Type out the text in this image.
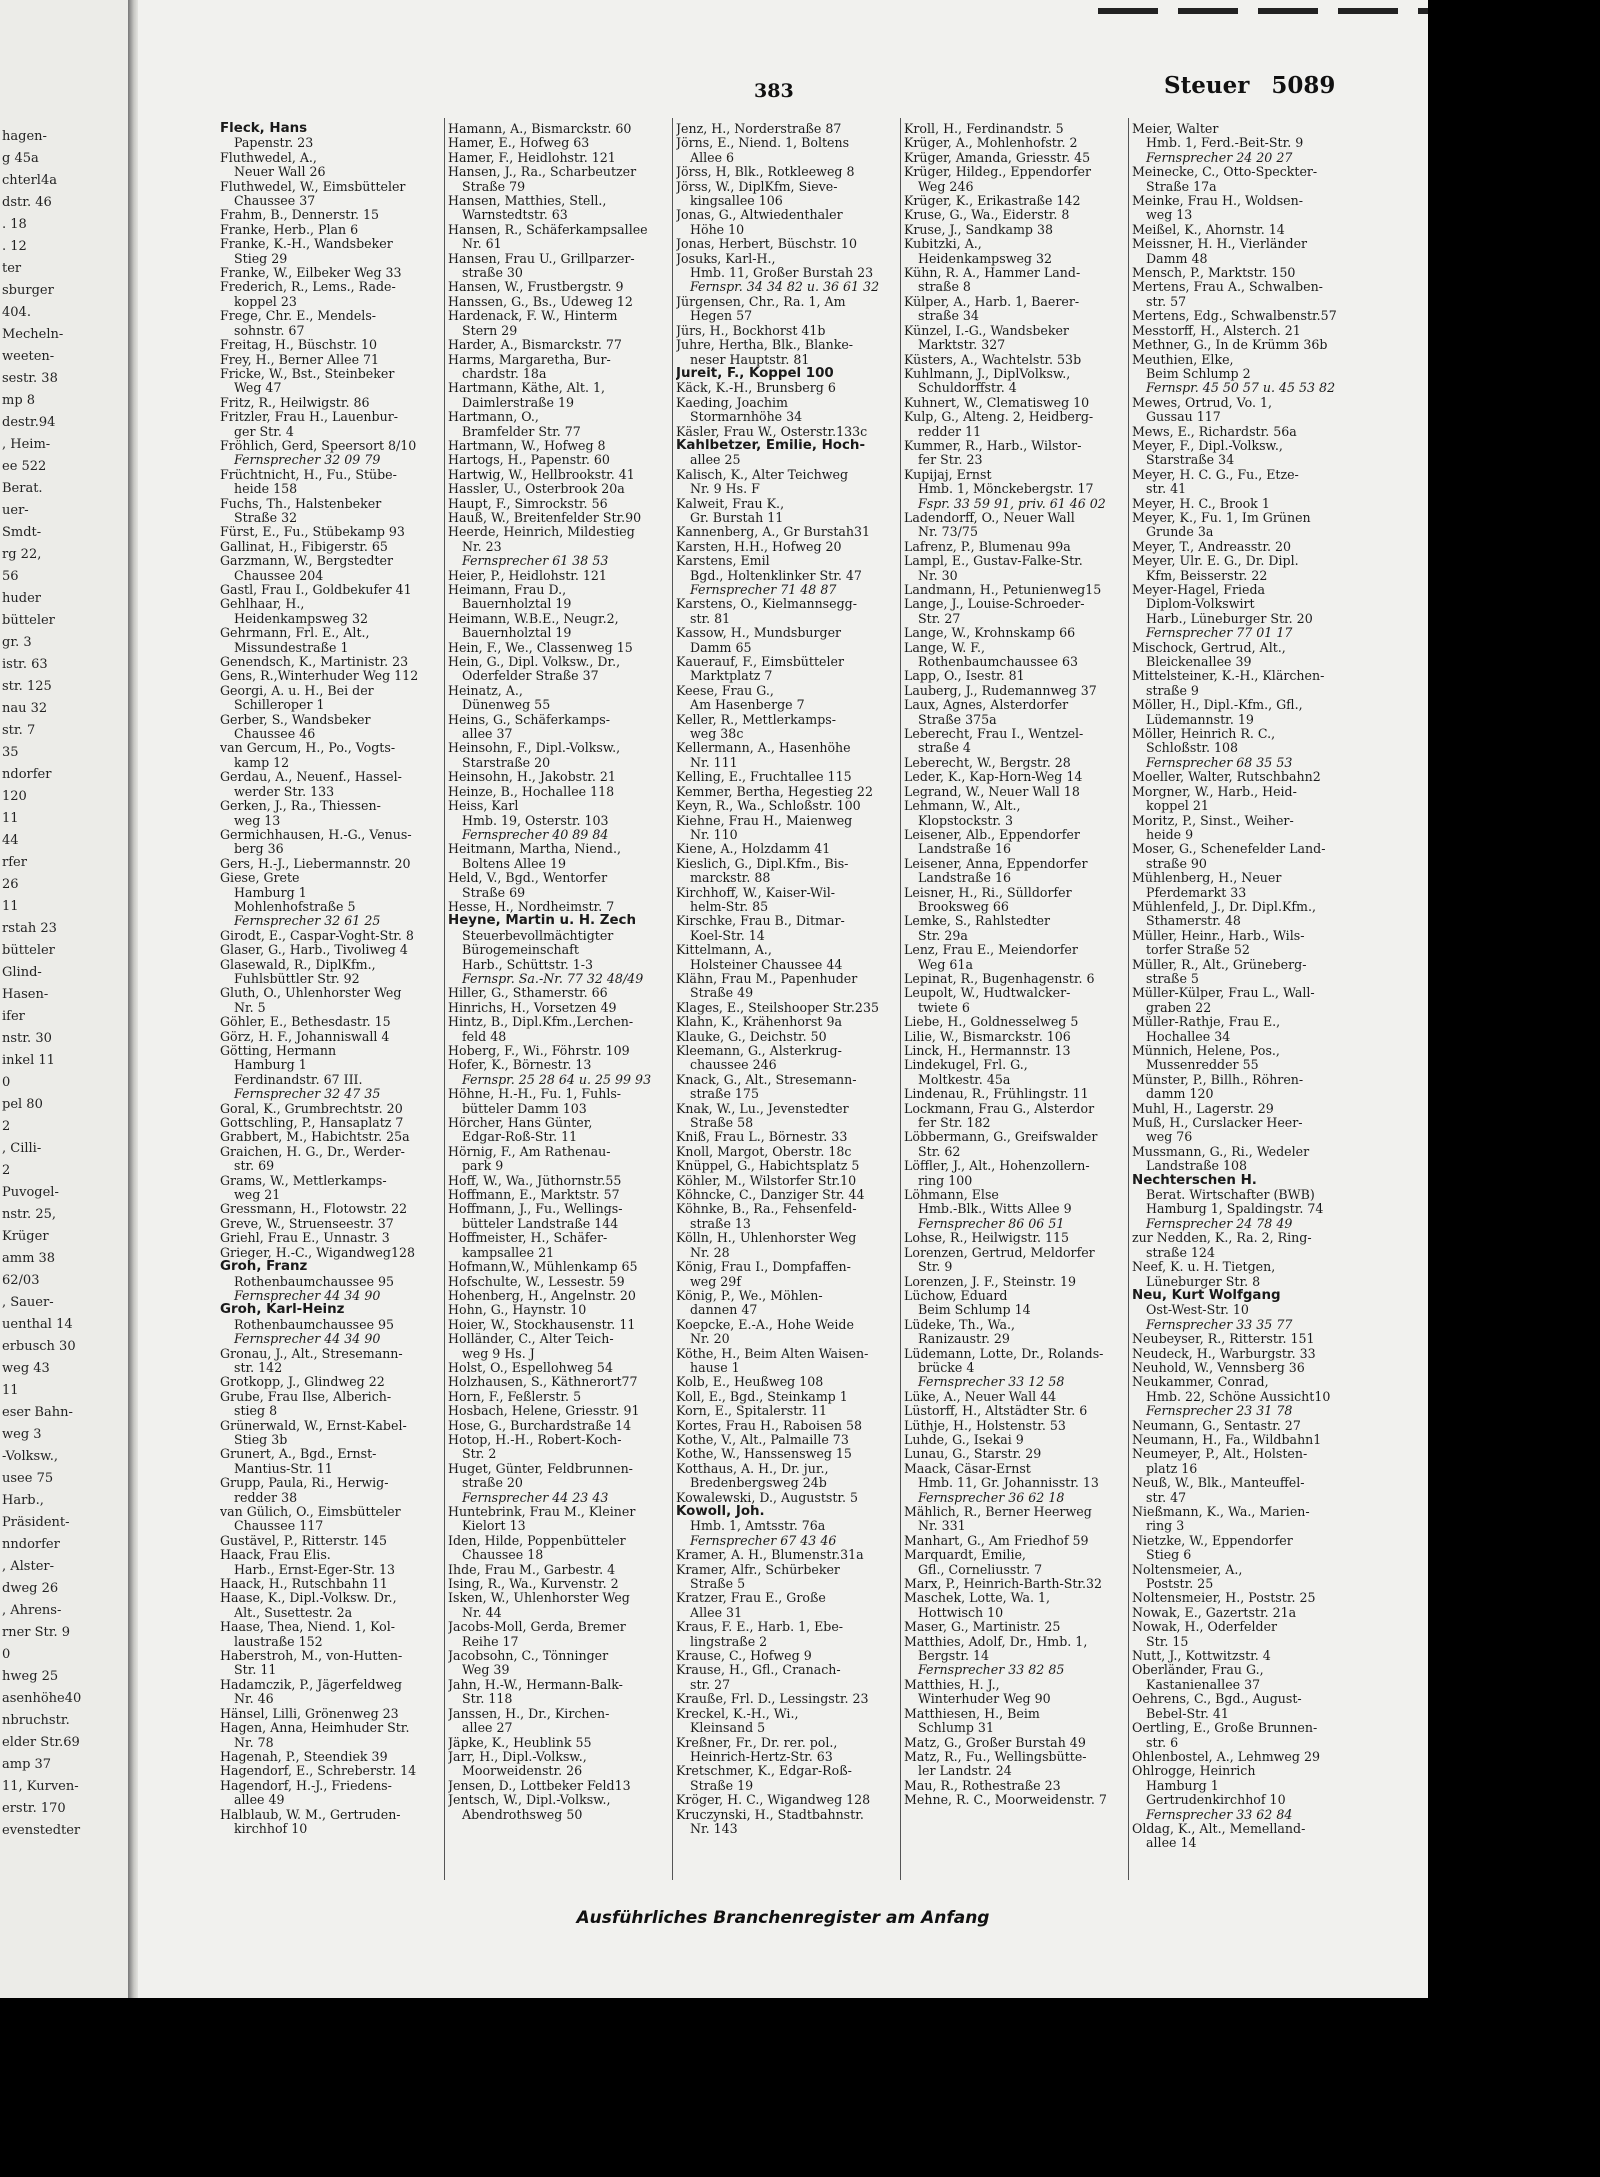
hagen-
g 45a
chterl4a
dstr. 46
. 18
. 12
ter
sburger
404.
Mecheln-
weeten-
sestr. 38
mp 8
destr.94
, Heim-
ee 522
Berat.
uer-
Smdt-
rg 22,
56
huder
bütteler
gr. 3
istr. 63
str. 125
nau 32
str. 7
35
ndorfer
120
11
44
rfer
26
11
rstah 23
bütteler
Glind-
Hasen-
ifer
nstr. 30
inkel 11
0
pel 80
2
, Cilli-
2
Puvogel-
nstr. 25,
Krüger
amm 38
62/03
, Sauer-
uenthal 14
erbusch 30
weg 43
11
eser Bahn-
weg 3
-Volksw.,
usee 75
Harb.,
Präsident-
nndorfer
, Alster-
dweg 26
, Ahrens-
rner Str. 9
0
hweg 25
asenhöhe40
nbruchstr.
elder Str.69
amp 37
11, Kurven-
erstr. 170
evenstedter
383	Steuer 5089

Fleck, Hans

Papenstr. 23

Fluthwedel, A.,

Neuer Wall 26

Fluthwedel, W., Eimsbütteler

Chaussee 37

Frahm, B., Dennerstr. 15

Franke, Herb., Plan 6

Franke, K.-H., Wandsbeker

Stieg 29

Franke, W., Eilbeker Weg 33

Frederich, R., Lems., Rade-

koppel 23

Frege, Chr. E., Mendels-

sohnstr. 67

Freitag, H., Büschstr. 10

Frey, H., Berner Allee 71

Fricke, W., Bst., Steinbeker

Weg 47

Fritz, R., Heilwigstr. 86

Fritzler, Frau H., Lauenbur-

ger Str. 4

Fröhlich, Gerd, Speersort 8/10

Fernsprecher 32 09 79

Früchtnicht, H., Fu., Stübe-

heide 158

Fuchs, Th., Halstenbeker

Straße 32

Fürst, E., Fu., Stübekamp 93

Gallinat, H., Fibigerstr. 65

Garzmann, W., Bergstedter

Chaussee 204

Gastl, Frau I., Goldbekufer 41

Gehlhaar, H.,

Heidenkampsweg 32

Gehrmann, Frl. E., Alt.,

Missundestraße 1

Genendsch, K., Martinistr. 23

Gens, R.,Winterhuder Weg 112

Georgi, A. u. H., Bei der

Schilleroper 1

Gerber, S., Wandsbeker

Chaussee 46

van Gercum, H., Po., Vogts-

kamp 12

Gerdau, A., Neuenf., Hassel-

werder Str. 133

Gerken, J., Ra., Thiessen-

weg 13

Germichhausen, H.-G., Venus-

berg 36

Gers, H.-J., Liebermannstr. 20

Giese, Grete

Hamburg 1

Mohlenhofstraße 5

Fernsprecher 32 61 25

Girodt, E., Caspar-Voght-Str. 8

Glaser, G., Harb., Tivoliweg 4

Glasewald, R., DiplKfm.,

Fuhlsbüttler Str. 92

Gluth, O., Uhlenhorster Weg

Nr. 5

Göhler, E., Bethesdastr. 15

Görz, H. F., Johanniswall 4

Götting, Hermann

Hamburg 1

Ferdinandstr. 67 III.

Fernsprecher 32 47 35

Goral, K., Grumbrechtstr. 20

Gottschling, P., Hansaplatz 7

Grabbert, M., Habichtstr. 25a

Graichen, H. G., Dr., Werder-

str. 69

Grams, W., Mettlerkamps-

weg 21

Gressmann, H., Flotowstr. 22

Greve, W., Struenseestr. 37

Griehl, Frau E., Unnastr. 3

Grieger, H.-C., Wigandweg128

Groh, Franz

Rothenbaumchaussee 95

Fernsprecher 44 34 90

Groh, Karl-Heinz

Rothenbaumchaussee 95

Fernsprecher 44 34 90

Gronau, J., Alt., Stresemann-

str. 142

Grotkopp, J., Glindweg 22

Grube, Frau Ilse, Alberich-

stieg 8

Grünerwald, W., Ernst-Kabel-

Stieg 3b

Grunert, A., Bgd., Ernst-

Mantius-Str. 11

Grupp, Paula, Ri., Herwig-

redder 38

van Gülich, O., Eimsbütteler

Chaussee 117

Gustävel, P., Ritterstr. 145

Haack, Frau Elis.

Harb., Ernst-Eger-Str. 13

Haack, H., Rutschbahn 11

Haase, K., Dipl.-Volksw. Dr.,

Alt., Susettestr. 2a

Haase, Thea, Niend. 1, Kol-

laustraße 152

Haberstroh, M., von-Hutten-

Str. 11

Hadamczik, P., Jägerfeldweg

Nr. 46

Hänsel, Lilli, Grönenweg 23

Hagen, Anna, Heimhuder Str.

Nr. 78

Hagenah, P., Steendiek 39

Hagendorf, E., Schreberstr. 14

Hagendorf, H.-J., Friedens-

allee 49

Halblaub, W. M., Gertruden-

kirchhof 10

Hamann, A., Bismarckstr. 60

Hamer, E., Hofweg 63

Hamer, F., Heidlohstr. 121

Hansen, J., Ra., Scharbeutzer

Straße 79

Hansen, Matthies, Stell.,

Warnstedtstr. 63

Hansen, R., Schäferkampsallee

Nr. 61

Hansen, Frau U., Grillparzer-

straße 30

Hansen, W., Frustbergstr. 9

Hanssen, G., Bs., Udeweg 12

Hardenack, F. W., Hinterm

Stern 29

Harder, A., Bismarckstr. 77

Harms, Margaretha, Bur-

chardstr. 18a

Hartmann, Käthe, Alt. 1,

Daimlerstraße 19

Hartmann, O.,

Bramfelder Str. 77

Hartmann, W., Hofweg 8

Hartogs, H., Papenstr. 60

Hartwig, W., Hellbrookstr. 41

Hassler, U., Osterbrook 20a

Haupt, F., Simrockstr. 56

Hauß, W., Breitenfelder Str.90

Heerde, Heinrich, Mildestieg

Nr. 23

Fernsprecher 61 38 53

Heier, P., Heidlohstr. 121

Heimann, Frau D.,

Bauernholztal 19

Heimann, W.B.E., Neugr.2,

Bauernholztal 19

Hein, F., We., Classenweg 15

Hein, G., Dipl. Volksw., Dr.,

Oderfelder Straße 37

Heinatz, A.,

Dünenweg 55

Heins, G., Schäferkamps-

allee 37

Heinsohn, F., Dipl.-Volksw.,

Starstraße 20

Heinsohn, H., Jakobstr. 21

Heinze, B., Hochallee 118

Heiss, Karl

Hmb. 19, Osterstr. 103

Fernsprecher 40 89 84

Heitmann, Martha, Niend.,

Boltens Allee 19

Held, V., Bgd., Wentorfer

Straße 69

Hesse, H., Nordheimstr. 7

Heyne, Martin u. H. Zech

Steuerbevollmächtigter

Bürogemeinschaft

Harb., Schüttstr. 1-3

Fernspr. Sa.-Nr. 77 32 48/49

Hiller, G., Sthamerstr. 66

Hinrichs, H., Vorsetzen 49

Hintz, B., Dipl.Kfm.,Lerchen-

feld 48

Hoberg, F., Wi., Föhrstr. 109

Hofer, K., Börnestr. 13

Fernspr. 25 28 64 u. 25 99 93

Höhne, H.-H., Fu. 1, Fuhls-

bütteler Damm 103

Hörcher, Hans Günter,

Edgar-Roß-Str. 11

Hörnig, F., Am Rathenau-

park 9

Hoff, W., Wa., Jüthornstr.55

Hoffmann, E., Marktstr. 57

Hoffmann, J., Fu., Wellings-

bütteler Landstraße 144

Hoffmeister, H., Schäfer-

kampsallee 21

Hofmann,W., Mühlenkamp 65

Hofschulte, W., Lessestr. 59

Hohenberg, H., Angelnstr. 20

Hohn, G., Haynstr. 10

Hoier, W., Stockhausenstr. 11

Holländer, C., Alter Teich-

weg 9 Hs. J

Holst, O., Espellohweg 54

Holzhausen, S., Käthnerort77

Horn, F., Feßlerstr. 5

Hosbach, Helene, Griesstr. 91

Hose, G., Burchardstraße 14

Hotop, H.-H., Robert-Koch-

Str. 2

Huget, Günter, Feldbrunnen-

straße 20

Fernsprecher 44 23 43

Huntebrink, Frau M., Kleiner

Kielort 13

Iden, Hilde, Poppenbütteler

Chaussee 18

Ihde, Frau M., Garbestr. 4

Ising, R., Wa., Kurvenstr. 2

Isken, W., Uhlenhorster Weg

Nr. 44

Jacobs-Moll, Gerda, Bremer

Reihe 17

Jacobsohn, C., Tönninger

Weg 39

Jahn, H.-W., Hermann-Balk-

Str. 118

Janssen, H., Dr., Kirchen-

allee 27

Jäpke, K., Heublink 55

Jarr, H., Dipl.-Volksw.,

Moorweidenstr. 26

Jensen, D., Lottbeker Feld13

Jentsch, W., Dipl.-Volksw.,

Abendrothsweg 50

Jenz, H., Norderstraße 87

Jörns, E., Niend. 1, Boltens

Allee 6

Jörss, H, Blk., Rotkleeweg 8

Jörss, W., DiplKfm, Sieve-

kingsallee 106

Jonas, G., Altwiedenthaler

Höhe 10

Jonas, Herbert, Büschstr. 10

Josuks, Karl-H.,

Hmb. 11, Großer Burstah 23

Fernspr. 34 34 82 u. 36 61 32

Jürgensen, Chr., Ra. 1, Am

Hegen 57

Jürs, H., Bockhorst 41b

Juhre, Hertha, Blk., Blanke-

neser Hauptstr. 81

Jureit, F., Koppel 100

Käck, K.-H., Brunsberg 6

Kaeding, Joachim

Stormarnhöhe 34

Käsler, Frau W., Osterstr.133c

Kahlbetzer, Emilie, Hoch-

allee 25

Kalisch, K., Alter Teichweg

Nr. 9 Hs. F

Kalweit, Frau K.,

Gr. Burstah 11

Kannenberg, A., Gr Burstah31

Karsten, H.H., Hofweg 20

Karstens, Emil

Bgd., Holtenklinker Str. 47

Fernsprecher 71 48 87

Karstens, O., Kielmannsegg-

str. 81

Kassow, H., Mundsburger

Damm 65

Kauerauf, F., Eimsbütteler

Marktplatz 7

Keese, Frau G.,

Am Hasenberge 7

Keller, R., Mettlerkamps-

weg 38c

Kellermann, A., Hasenhöhe

Nr. 111

Kelling, E., Fruchtallee 115

Kemmer, Bertha, Hegestieg 22

Keyn, R., Wa., Schloßstr. 100

Kiehne, Frau H., Maienweg

Nr. 110

Kiene, A., Holzdamm 41

Kieslich, G., Dipl.Kfm., Bis-

marckstr. 88

Kirchhoff, W., Kaiser-Wil-

helm-Str. 85

Kirschke, Frau B., Ditmar-

Koel-Str. 14

Kittelmann, A.,

Holsteiner Chaussee 44

Klähn, Frau M., Papenhuder

Straße 49

Klages, E., Steilshooper Str.235

Klahn, K., Krähenhorst 9a

Klauke, G., Deichstr. 50

Kleemann, G., Alsterkrug-

chaussee 246

Knack, G., Alt., Stresemann-

straße 175

Knak, W., Lu., Jevenstedter

Straße 58

Kniß, Frau L., Börnestr. 33

Knoll, Margot, Oberstr. 18c

Knüppel, G., Habichtsplatz 5

Köhler, M., Wilstorfer Str.10

Köhncke, C., Danziger Str. 44

Köhnke, B., Ra., Fehsenfeld-

straße 13

Kölln, H., Uhlenhorster Weg

Nr. 28

König, Frau I., Dompfaffen-

weg 29f

König, P., We., Möhlen-

dannen 47

Koepcke, E.-A., Hohe Weide

Nr. 20

Köthe, H., Beim Alten Waisen-

hause 1

Kolb, E., Heußweg 108

Koll, E., Bgd., Steinkamp 1

Korn, E., Spitalerstr. 11

Kortes, Frau H., Raboisen 58

Kothe, V., Alt., Palmaille 73

Kothe, W., Hanssensweg 15

Kotthaus, A. H., Dr. jur.,

Bredenbergsweg 24b

Kowalewski, D., Auguststr. 5

Kowoll, Joh.

Hmb. 1, Amtsstr. 76a

Fernsprecher 67 43 46

Kramer, A. H., Blumenstr.31a

Kramer, Alfr., Schürbeker

Straße 5

Kratzer, Frau E., Große

Allee 31

Kraus, F. E., Harb. 1, Ebe-

lingstraße 2

Krause, C., Hofweg 9

Krause, H., Gfl., Cranach-

str. 27

Krauße, Frl. D., Lessingstr. 23

Kreckel, K.-H., Wi.,

Kleinsand 5

Kreßner, Fr., Dr. rer. pol.,

Heinrich-Hertz-Str. 63

Kretschmer, K., Edgar-Roß-

Straße 19

Kröger, H. C., Wigandweg 128

Kruczynski, H., Stadtbahnstr.

Nr. 143

Kroll, H., Ferdinandstr. 5

Krüger, A., Mohlenhofstr. 2

Krüger, Amanda, Griesstr. 45

Krüger, Hildeg., Eppendorfer

Weg 246

Krüger, K., Erikastraße 142

Kruse, G., Wa., Eiderstr. 8

Kruse, J., Sandkamp 38

Kubitzki, A.,

Heidenkampsweg 32

Kühn, R. A., Hammer Land-

straße 8

Külper, A., Harb. 1, Baerer-

straße 34

Künzel, I.-G., Wandsbeker

Marktstr. 327

Küsters, A., Wachtelstr. 53b

Kuhlmann, J., DiplVolksw.,

Schuldorffstr. 4

Kuhnert, W., Clematisweg 10

Kulp, G., Alteng. 2, Heidberg-

redder 11

Kummer, R., Harb., Wilstor-

fer Str. 23

Kupijaj, Ernst

Hmb. 1, Mönckebergstr. 17

Fspr. 33 59 91, priv. 61 46 02

Ladendorff, O., Neuer Wall

Nr. 73/75

Lafrenz, P., Blumenau 99a

Lampl, E., Gustav-Falke-Str.

Nr. 30

Landmann, H., Petunienweg15

Lange, J., Louise-Schroeder-

Str. 27

Lange, W., Krohnskamp 66

Lange, W. F.,

Rothenbaumchaussee 63

Lapp, O., Isestr. 81

Lauberg, J., Rudemannweg 37

Laux, Agnes, Alsterdorfer

Straße 375a

Leberecht, Frau I., Wentzel-

straße 4

Leberecht, W., Bergstr. 28

Leder, K., Kap-Horn-Weg 14

Legrand, W., Neuer Wall 18

Lehmann, W., Alt.,

Klopstockstr. 3

Leisener, Alb., Eppendorfer

Landstraße 16

Leisener, Anna, Eppendorfer

Landstraße 16

Leisner, H., Ri., Sülldorfer

Brooksweg 66

Lemke, S., Rahlstedter

Str. 29a

Lenz, Frau E., Meiendorfer

Weg 61a

Lepinat, R., Bugenhagenstr. 6

Leupolt, W., Hudtwalcker-

twiete 6

Liebe, H., Goldnesselweg 5

Lilie, W., Bismarckstr. 106

Linck, H., Hermannstr. 13

Lindekugel, Frl. G.,

Moltkestr. 45a

Lindenau, R., Frühlingstr. 11

Lockmann, Frau G., Alsterdor

fer Str. 182

Löbbermann, G., Greifswalder

Str. 62

Löffler, J., Alt., Hohenzollern-

ring 100

Löhmann, Else

Hmb.-Blk., Witts Allee 9

Fernsprecher 86 06 51

Lohse, R., Heilwigstr. 115

Lorenzen, Gertrud, Meldorfer

Str. 9

Lorenzen, J. F., Steinstr. 19

Lüchow, Eduard

Beim Schlump 14

Lüdeke, Th., Wa.,

Ranizaustr. 29

Lüdemann, Lotte, Dr., Rolands-

brücke 4

Fernsprecher 33 12 58

Lüke, A., Neuer Wall 44

Lüstorff, H., Altstädter Str. 6

Lüthje, H., Holstenstr. 53

Luhde, G., Isekai 9

Lunau, G., Starstr. 29

Maack, Cäsar-Ernst

Hmb. 11, Gr. Johannisstr. 13

Fernsprecher 36 62 18

Mählich, R., Berner Heerweg

Nr. 331

Manhart, G., Am Friedhof 59

Marquardt, Emilie,

Gfl., Corneliusstr. 7

Marx, P., Heinrich-Barth-Str.32

Maschek, Lotte, Wa. 1,

Hottwisch 10

Maser, G., Martinistr. 25

Matthies, Adolf, Dr., Hmb. 1,

Bergstr. 14

Fernsprecher 33 82 85

Matthies, H. J.,

Winterhuder Weg 90

Matthiesen, H., Beim

Schlump 31

Matz, G., Großer Burstah 49

Matz, R., Fu., Wellingsbütte-

ler Landstr. 24

Mau, R., Rothestraße 23

Mehne, R. C., Moorweidenstr. 7

Meier, Walter

Hmb. 1, Ferd.-Beit-Str. 9

Fernsprecher 24 20 27

Meinecke, C., Otto-Speckter-

Straße 17a

Meinke, Frau H., Woldsen-

weg 13

Meißel, K., Ahornstr. 14

Meissner, H. H., Vierländer

Damm 48

Mensch, P., Marktstr. 150

Mertens, Frau A., Schwalben-

str. 57

Mertens, Edg., Schwalbenstr.57

Messtorff, H., Alsterch. 21

Methner, G., In de Krümm 36b

Meuthien, Elke,

Beim Schlump 2

Fernspr. 45 50 57 u. 45 53 82

Mewes, Ortrud, Vo. 1,

Gussau 117

Mews, E., Richardstr. 56a

Meyer, F., Dipl.-Volksw.,

Starstraße 34

Meyer, H. C. G., Fu., Etze-

str. 41

Meyer, H. C., Brook 1

Meyer, K., Fu. 1, Im Grünen

Grunde 3a

Meyer, T., Andreasstr. 20

Meyer, Ulr. E. G., Dr. Dipl.

Kfm, Beisserstr. 22

Meyer-Hagel, Frieda

Diplom-Volkswirt

Harb., Lüneburger Str. 20

Fernsprecher 77 01 17

Mischock, Gertrud, Alt.,

Bleickenallee 39

Mittelsteiner, K.-H., Klärchen-

straße 9

Möller, H., Dipl.-Kfm., Gfl.,

Lüdemannstr. 19

Möller, Heinrich R. C.,

Schloßstr. 108

Fernsprecher 68 35 53

Moeller, Walter, Rutschbahn2

Morgner, W., Harb., Heid-

koppel 21

Moritz, P., Sinst., Weiher-

heide 9

Moser, G., Schenefelder Land-

straße 90

Mühlenberg, H., Neuer

Pferdemarkt 33

Mühlenfeld, J., Dr. Dipl.Kfm.,

Sthamerstr. 48

Müller, Heinr., Harb., Wils-

torfer Straße 52

Müller, R., Alt., Grüneberg-

straße 5

Müller-Külper, Frau L., Wall-

graben 22

Müller-Rathje, Frau E.,

Hochallee 34

Münnich, Helene, Pos.,

Mussenredder 55

Münster, P., Billh., Röhren-

damm 120

Muhl, H., Lagerstr. 29

Muß, H., Curslacker Heer-

weg 76

Mussmann, G., Ri., Wedeler

Landstraße 108

Nechterschen H.

Berat. Wirtschafter (BWB)

Hamburg 1, Spaldingstr. 74

Fernsprecher 24 78 49

zur Nedden, K., Ra. 2, Ring-

straße 124

Neef, K. u. H. Tietgen,

Lüneburger Str. 8

Neu, Kurt Wolfgang

Ost-West-Str. 10

Fernsprecher 33 35 77

Neubeyser, R., Ritterstr. 151

Neudeck, H., Warburgstr. 33

Neuhold, W., Vennsberg 36

Neukammer, Conrad,

Hmb. 22, Schöne Aussicht10

Fernsprecher 23 31 78

Neumann, G., Sentastr. 27

Neumann, H., Fa., Wildbahn1

Neumeyer, P., Alt., Holsten-

platz 16

Neuß, W., Blk., Manteuffel-

str. 47

Nießmann, K., Wa., Marien-

ring 3

Nietzke, W., Eppendorfer

Stieg 6

Noltensmeier, A.,

Poststr. 25

Noltensmeier, H., Poststr. 25

Nowak, E., Gazertstr. 21a

Nowak, H., Oderfelder

Str. 15

Nutt, J., Kottwitzstr. 4

Oberländer, Frau G.,

Kastanienallee 37

Oehrens, C., Bgd., August-

Bebel-Str. 41

Oertling, E., Große Brunnen-

str. 6

Ohlenbostel, A., Lehmweg 29

Ohlrogge, Heinrich

Hamburg 1

Gertrudenkirchhof 10

Fernsprecher 33 62 84

Oldag, K., Alt., Memelland-

allee 14

Ausführliches Branchenregister am Anfang
